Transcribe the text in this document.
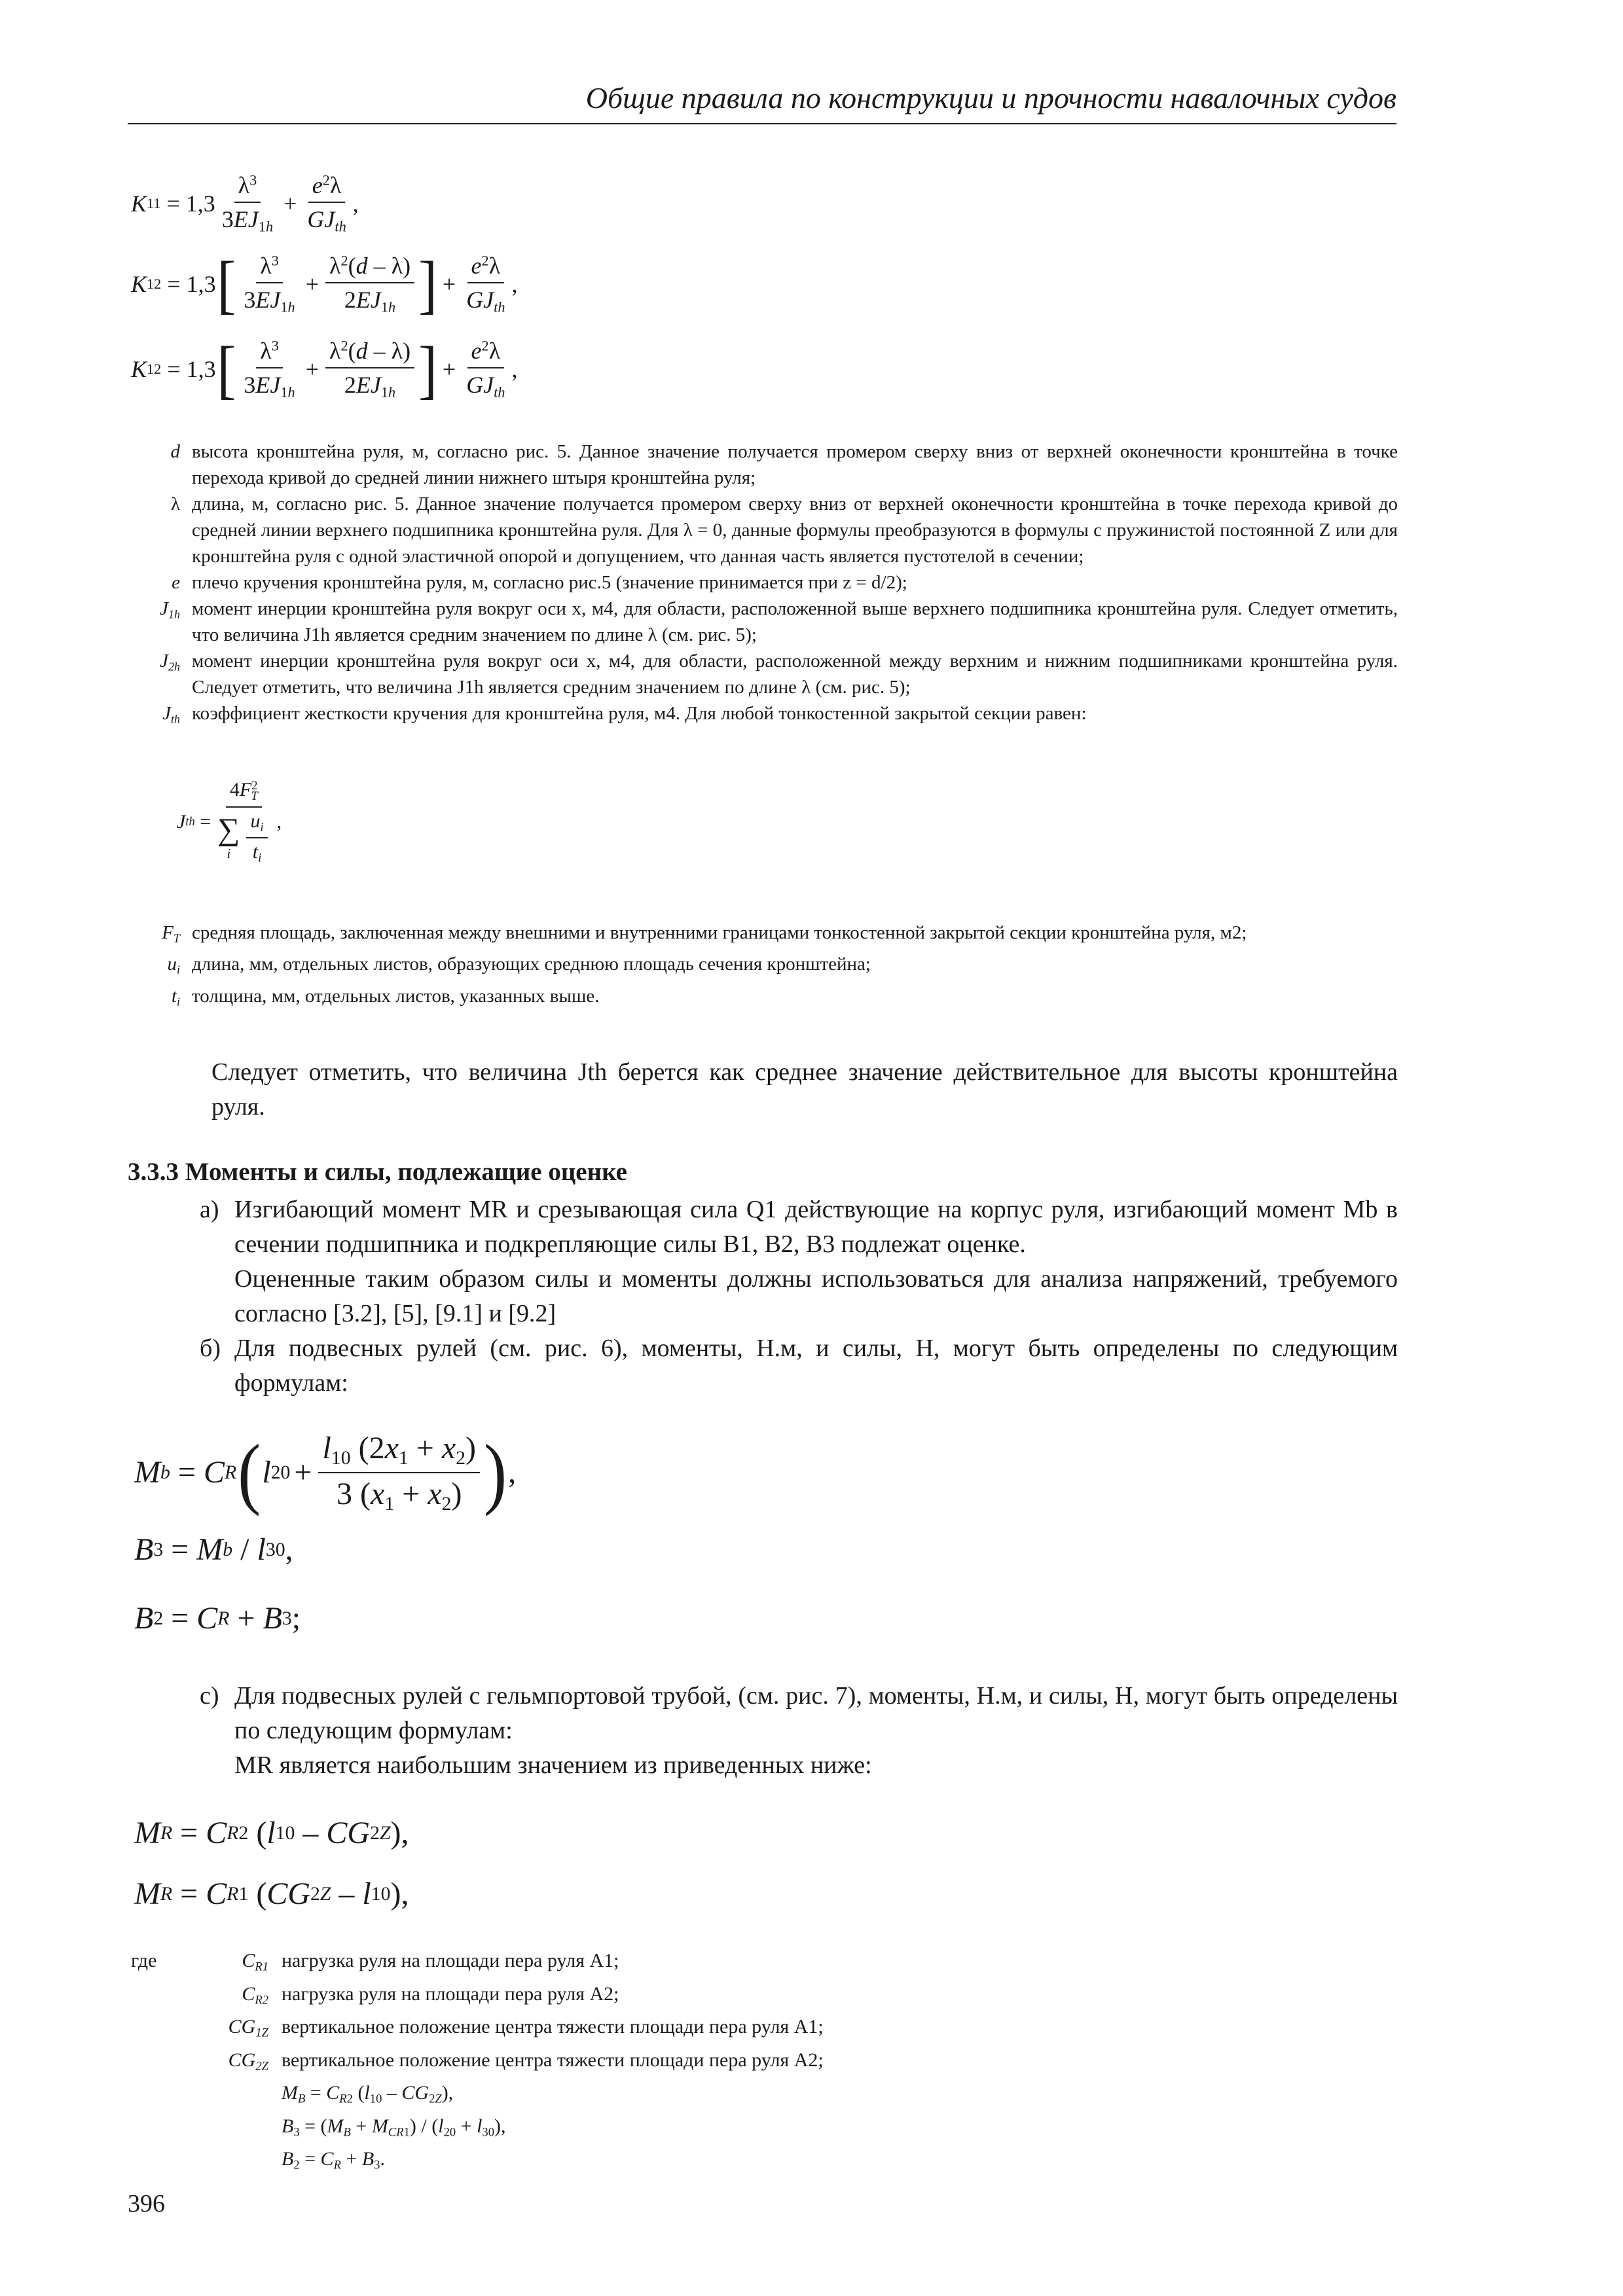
Общие правила по конструкции и прочности навалочных судов
K $11 = 1,3 \frac{\lambda^3}{3EJ_{1h}} + \frac{e^2\lambda}{GJ_{th}}$ ,
K 12 = 1,3 [ $\frac{\lambda^3}{3EJ_{1h}} + \frac{\lambda^2(d - \lambda)}{2EJ_{1h}}$ ] + $\frac{e^2\lambda}{GJ_{th}}$ ,
K 12 = 1,3 [ $\frac{\lambda^3}{3EJ_{1h}} + \frac{\lambda^2(d - \lambda)}{2EJ_{1h}}$ ] + $\frac{e^2\lambda}{GJ_{th}}$ ,
d высота кронштейна руля, м, согласно рис. 5. Данное значение получается промером сверху вниз от верхней оконечности кронштейна в точке перехода кривой до средней линии нижнего штыря кронштейна руля;
λ длина, м, согласно рис. 5. Данное значение получается промером сверху вниз от верхней оконечности кронштейна в точке перехода кривой до средней линии верхнего подшипника кронштейна руля. Для λ = 0, данные формулы преобразуются в формулы с пружинистой постоянной Z или для кронштейна руля с одной эластичной опорой и допущением, что данная часть является пустотелой в сечении;
e плечо кручения кронштейна руля, м, согласно рис.5 (значение принимается при z = d/2);
$J_{1h}$ момент инерции кронштейна руля вокруг оси x, м4, для области, расположенной выше верхнего подшипника кронштейна руля. Следует отметить, что величина J1h является средним значением по длине λ (см. рис. 5);
$J_{2h}$ момент инерции кронштейна руля вокруг оси x, м4, для области, расположенной между верхним и нижним подшипниками кронштейна руля. Следует отметить, что величина J1h является средним значением по длине λ (см. рис. 5);
$J_{th}$ коэффициент жесткости кручения для кронштейна руля, м4. Для любой тонкостенной закрытой секции равен:
J th = $4F^2_T$
∑
i $\frac{u_i}{t_i}$ ,
$F_T$ средняя площадь, заключенная между внешними и внутренними границами тонкостенной закрытой секции кронштейна руля, м2;
$u_i$ длина, мм, отдельных листов, образующих среднюю площадь сечения кронштейна;
$t_i$ толщина, мм, отдельных листов, указанных выше.
Следует отметить, что величина Jth берется как среднее значение действительное для высоты кронштейна руля.
3.3.3 Моменты и силы, подлежащие оценке
а) Изгибающий момент MR и срезывающая сила Q1 действующие на корпус руля, изгибающий момент Mb в сечении подшипника и подкрепляющие силы B1, B2, B3 подлежат оценке.
Оцененные таким образом силы и моменты должны использоваться для анализа напряжений, требуемого согласно [3.2], [5], [9.1] и [9.2]
б) Для подвесных рулей (см. рис. 6), моменты, Н.м, и силы, Н, могут быть определены по следующим формулам:
M b = C R ( l $20 + \frac{l_{10} (2x_1 + x_2)}{3 (x_1 + x_2)}$ ) ,
B 3 = M b / l 30 ,
B 2 = C R + B 3 ;
c) Для подвесных рулей с гельмпортовой трубой, (см. рис. 7), моменты, Н.м, и силы, Н, могут быть определены по следующим формулам:
MR является наибольшим значением из приведенных ниже:
M R = C R2 ( l 10 – CG 2Z ),
M R = C R1 ( CG 2Z – l 10 ),
где	$C_{R1}$ нагрузка руля на площади пера руля A1;
$C_{R2}$ нагрузка руля на площади пера руля A2;
$CG_{1Z}$ вертикальное положение центра тяжести площади пера руля A1;
$CG_{2Z}$ вертикальное положение центра тяжести площади пера руля A2;
$M_B = C_{R2}$ $(l_{10} - CG_{2Z})$,
$B_3 = (M_B + M_{CR1}) / (l_{20} + l_{30})$,
$B_2 = C_R + B_3$.
396
